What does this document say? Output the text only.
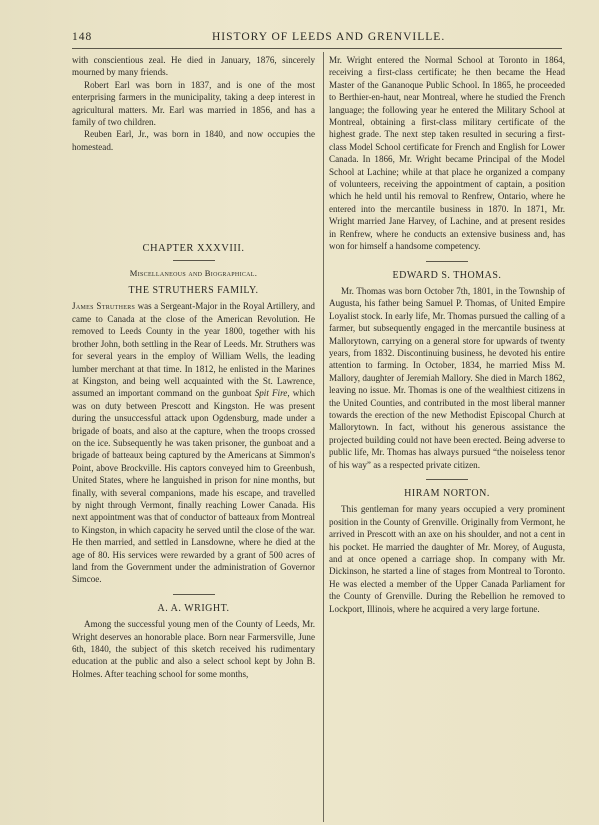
148	HISTORY OF LEEDS AND GRENVILLE.

with conscientious zeal. He died in January, 1876, sincerely mourned by many friends.

Robert Earl was born in 1837, and is one of the most enterprising farmers in the municipality, taking a deep interest in agricultural matters. Mr. Earl was married in 1856, and has a family of two children.

Reuben Earl, Jr., was born in 1840, and now occupies the homestead.

CHAPTER XXXVIII.

Miscellaneous and Biographical.

THE STRUTHERS FAMILY.

James Struthers was a Sergeant-Major in the Royal Artillery, and came to Canada at the close of the American Revolution. He removed to Leeds County in the year 1800, together with his brother John, both settling in the Rear of Leeds. Mr. Struthers was for several years in the employ of William Wells, the leading lumber merchant at that time. In 1812, he enlisted in the Marines at Kingston, and being well acquainted with the St. Lawrence, assumed an important command on the gunboat Spit Fire, which was on duty between Prescott and Kingston. He was present during the unsuccessful attack upon Ogdensburg, made under a brigade of boats, and also at the capture, when the troops crossed on the ice. Subsequently he was taken prisoner, the gunboat and a brigade of batteaux being captured by the Americans at Simmon's Point, above Brockville. His captors conveyed him to Greenbush, United States, where he languished in prison for nine months, but finally, with several companions, made his escape, and travelled by night through Vermont, finally reaching Lower Canada. His next appointment was that of conductor of batteaux from Montreal to Kingston, in which capacity he served until the close of the war. He then married, and settled in Lansdowne, where he died at the age of 80. His services were rewarded by a grant of 500 acres of land from the Government under the administration of Governor Simcoe.

A. A. WRIGHT.

Among the successful young men of the County of Leeds, Mr. Wright deserves an honorable place. Born near Farmersville, June 6th, 1840, the subject of this sketch received his rudimentary education at the public and also a select school kept by John B. Holmes. After teaching school for some months,

Mr. Wright entered the Normal School at Toronto in 1864, receiving a first-class certificate; he then became the Head Master of the Gananoque Public School. In 1865, he proceeded to Berthier-en-haut, near Montreal, where he studied the French language; the following year he entered the Military School at Montreal, obtaining a first-class military certificate of the highest grade. The next step taken resulted in securing a first-class Model School certificate for French and English for Lower Canada. In 1866, Mr. Wright became Principal of the Model School at Lachine; while at that place he organized a company of volunteers, receiving the appointment of captain, a position which he held until his removal to Renfrew, Ontario, where he entered into the mercantile business in 1870. In 1871, Mr. Wright married Jane Harvey, of Lachine, and at present resides in Renfrew, where he conducts an extensive business and, has won for himself a handsome competency.

EDWARD S. THOMAS.

Mr. Thomas was born October 7th, 1801, in the Township of Augusta, his father being Samuel P. Thomas, of United Empire Loyalist stock. In early life, Mr. Thomas pursued the calling of a farmer, but subsequently engaged in the mercantile business at Mallorytown, carrying on a general store for upwards of twenty years, from 1832. Discontinuing business, he devoted his entire attention to farming. In October, 1834, he married Miss M. Mallory, daughter of Jeremiah Mallory. She died in March 1862, leaving no issue. Mr. Thomas is one of the wealthiest citizens in the United Counties, and contributed in the most liberal manner towards the erection of the new Methodist Episcopal Church at Mallorytown. In fact, without his generous assistance the projected building could not have been erected. Being adverse to public life, Mr. Thomas has always pursued “the noiseless tenor of his way” as a respected private citizen.

HIRAM NORTON.

This gentleman for many years occupied a very prominent position in the County of Grenville. Originally from Vermont, he arrived in Prescott with an axe on his shoulder, and not a cent in his pocket. He married the daughter of Mr. Morey, of Augusta, and at once opened a carriage shop. In company with Mr. Dickinson, he started a line of stages from Montreal to Toronto. He was elected a member of the Upper Canada Parliament for the County of Grenville. During the Rebellion he removed to Lockport, Illinois, where he acquired a very large fortune.
